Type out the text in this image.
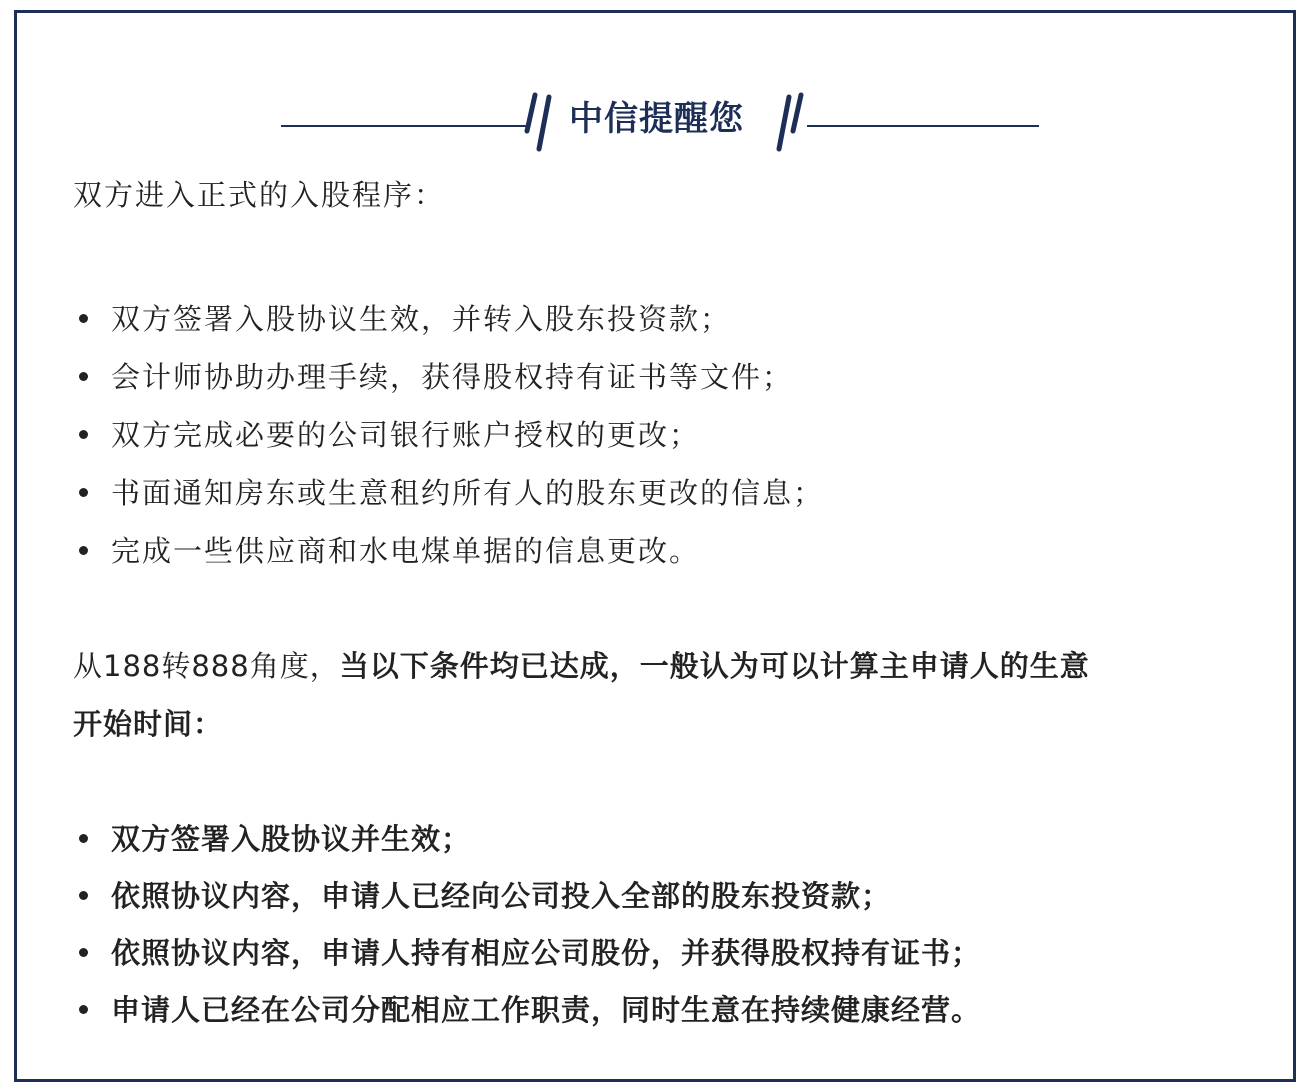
中信提醒您
双方进入正式的入股程序：
双方签署入股协议生效，并转入股东投资款；
会计师协助办理手续，获得股权持有证书等文件；
双方完成必要的公司银行账户授权的更改；
书面通知房东或生意租约所有人的股东更改的信息；
完成一些供应商和水电煤单据的信息更改。
从188转888角度，当以下条件均已达成，一般认为可以计算主申请人的生意
开始时间：
双方签署入股协议并生效；
依照协议内容，申请人已经向公司投入全部的股东投资款；
依照协议内容，申请人持有相应公司股份，并获得股权持有证书；
申请人已经在公司分配相应工作职责，同时生意在持续健康经营。
